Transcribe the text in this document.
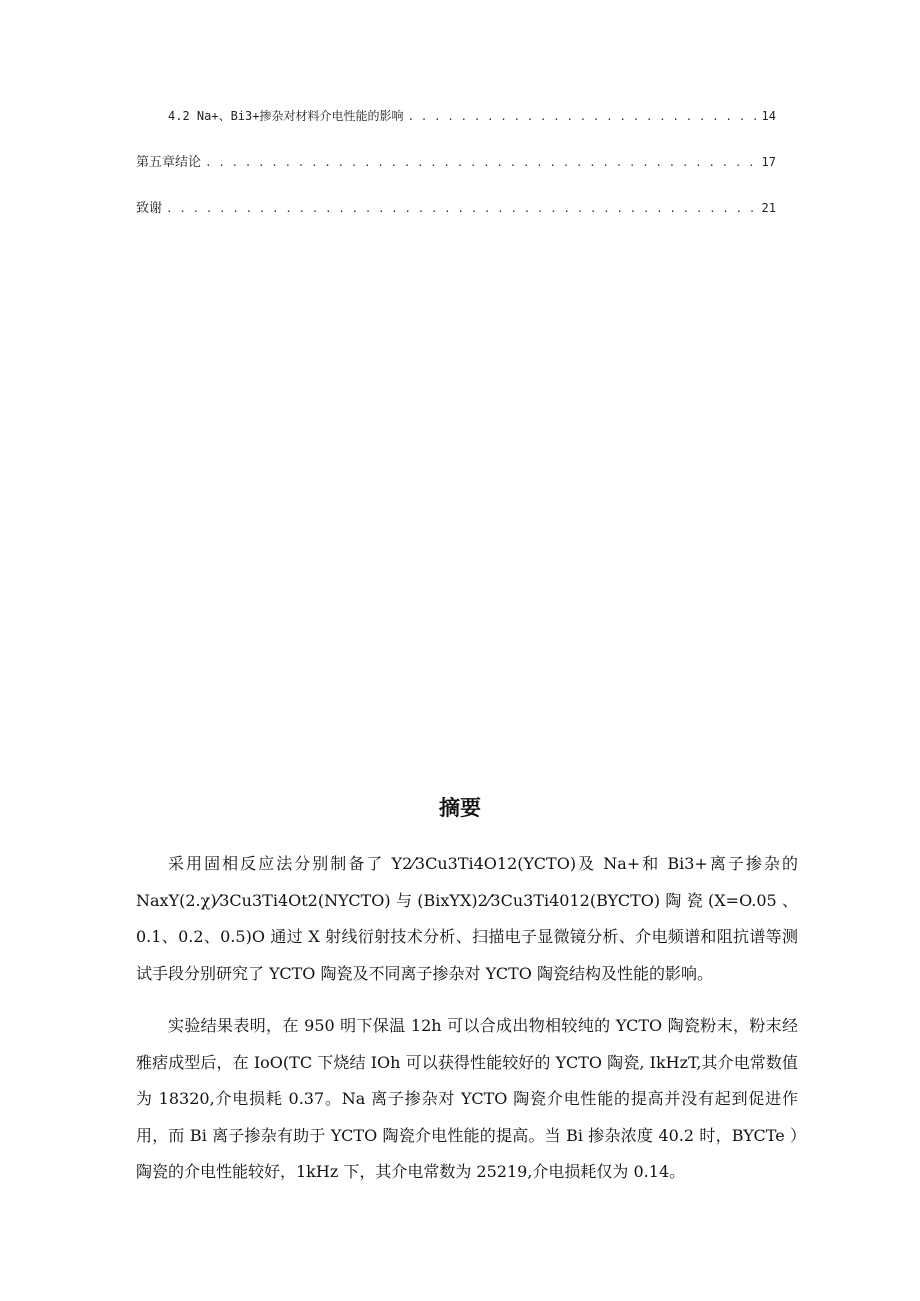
4.2 Na+、Bi3+掺杂对材料介电性能的影响 . . .	14
第五章结论 . . .	17
致谢 . . .	21
摘要

采用固相反应法分别制备了 Y2⁄3Cu3Ti4O12(YCTO)及 Na+和 Bi3+离子掺杂的NaxY(2.χ)⁄3Cu3Ti4Ot2(NYCTO)与(BixYX)2⁄3Cu3Ti4012(BYCTO)陶瓷(X=O.05、0.1、0.2、0.5)O 通过 X 射线衍射技术分析、扫描电子显微镜分析、介电频谱和阻抗谱等测试手段分别研究了 YCTO 陶瓷及不同离子掺杂对 YCTO 陶瓷结构及性能的影响。

实验结果表明，在 950 明下保温 12h 可以合成出物相较纯的 YCTO 陶瓷粉末，粉末经雅痞成型后，在 IoO(TC 下烧结 IOh 可以获得性能较好的 YCTO 陶瓷, IkHzT,其介电常数值为 18320,介电损耗 0.37。Na 离子掺杂对 YCTO 陶瓷介电性能的提高并没有起到促进作用，而 Bi 离子掺杂有助于 YCTO 陶瓷介电性能的提高。当 Bi 掺杂浓度 40.2 时，BYCTe ）陶瓷的介电性能较好，1kHz 下，其介电常数为 25219,介电损耗仅为 0.14。
